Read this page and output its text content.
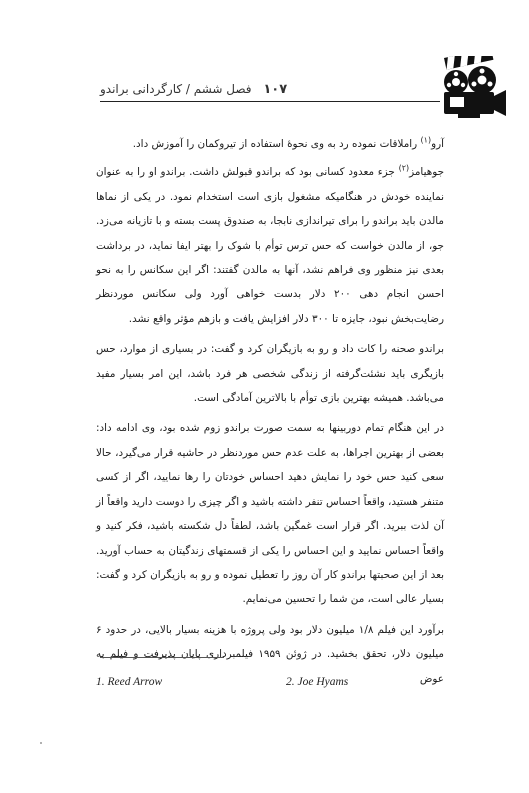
۱۰۷ فصل ششم / کارگردانی براندو

آرو$^{(۱)}$ راملاقات نموده رد به وی نحوهٔ استفاده از تیروکمان را آموزش داد.

جوهیامز$^{(۲)}$ جزء معدود کسانی بود که براندو قبولش داشت. براندو او را به عنوان نماینده خودش در هنگامیکه مشغول بازی است استخدام نمود. در یکی از نماها مالدن باید براندو را برای تیراندازی نابجا، به صندوق پست بسته و با تازیانه می‌زد. جو، از مالدن خواست که حس ترس توأم با شوک را بهتر ایفا نماید، در برداشت بعدی نیز منظور وی فراهم نشد، آنها به مالدن گفتند: اگر این سکانس را به نحو احسن انجام دهی ۲۰۰ دلار بدست خواهی آورد ولی سکانس موردنظر رضایت‌بخش نبود، جایزه تا ۳۰۰ دلار افزایش یافت و بازهم مؤثر واقع نشد.

براندو صحنه را کات داد و رو به بازیگران کرد و گفت: در بسیاری از موارد، حس بازیگری باید نشئت‌گرفته از زندگی شخصی هر فرد باشد، این امر بسیار مفید می‌باشد. همیشه بهترین بازی توأم با بالاترین آمادگی است.

در این هنگام تمام دوربینها به سمت صورت براندو زوم شده بود، وی ادامه داد: بعضی از بهترین اجراها، به علت عدم حس موردنظر در حاشیه قرار می‌گیرد، حالا سعی کنید حس خود را نمایش دهید احساس خودتان را رها نمایید، اگر از کسی متنفر هستید، واقعاً احساس تنفر داشته باشید و اگر چیزی را دوست دارید واقعاً از آن لذت ببرید. اگر قرار است غمگین باشد، لطفاً دل شکسته باشید، فکر کنید و واقعاً احساس نمایید و این احساس را یکی از قسمتهای زندگیتان به حساب آورید. بعد از این صحبتها براندو کار آن روز را تعطیل نموده و رو به بازیگران کرد و گفت: بسیار عالی است، من شما را تحسین می‌نمایم.

برآورد این فیلم ۱/۸ میلیون دلار بود ولی پروژه با هزینه بسیار بالایی، در حدود ۶ میلیون دلار، تحقق بخشید. در ژوئن ۱۹۵۹ فیلمبرداری پایان پذیرفت و فیلم به عوض

1. Reed Arrow	2. Joe Hyams
